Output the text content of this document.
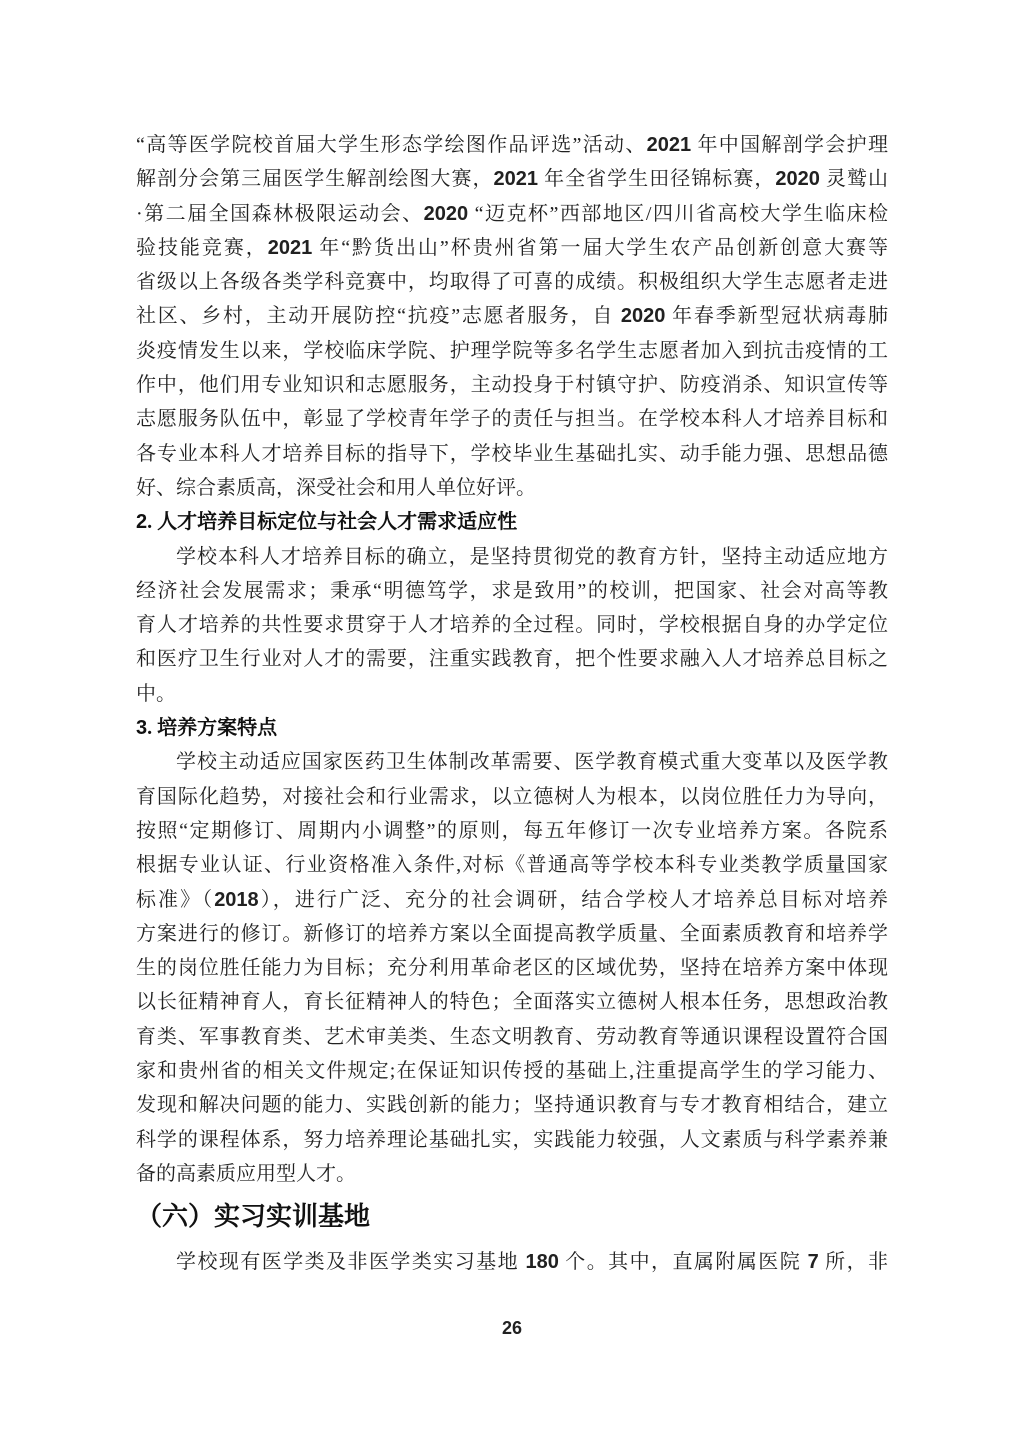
“高等医学院校首届大学生形态学绘图作品评选”活动、2021 年中国解剖学会护理
解剖分会第三届医学生解剖绘图大赛，2021 年全省学生田径锦标赛，2020 灵鹫山
·第二届全国森林极限运动会、2020 “迈克杯”西部地区/四川省高校大学生临床检
验技能竞赛，2021 年“黔货出山”杯贵州省第一届大学生农产品创新创意大赛等
省级以上各级各类学科竞赛中，均取得了可喜的成绩。积极组织大学生志愿者走进
社区、乡村，主动开展防控“抗疫”志愿者服务，自 2020 年春季新型冠状病毒肺
炎疫情发生以来，学校临床学院、护理学院等多名学生志愿者加入到抗击疫情的工
作中，他们用专业知识和志愿服务，主动投身于村镇守护、防疫消杀、知识宣传等
志愿服务队伍中，彰显了学校青年学子的责任与担当。在学校本科人才培养目标和
各专业本科人才培养目标的指导下，学校毕业生基础扎实、动手能力强、思想品德
好、综合素质高，深受社会和用人单位好评。
2. 人才培养目标定位与社会人才需求适应性
学校本科人才培养目标的确立，是坚持贯彻党的教育方针，坚持主动适应地方
经济社会发展需求；秉承“明德笃学，求是致用”的校训，把国家、社会对高等教
育人才培养的共性要求贯穿于人才培养的全过程。同时，学校根据自身的办学定位
和医疗卫生行业对人才的需要，注重实践教育，把个性要求融入人才培养总目标之
中。
3. 培养方案特点
学校主动适应国家医药卫生体制改革需要、医学教育模式重大变革以及医学教
育国际化趋势，对接社会和行业需求，以立德树人为根本，以岗位胜任力为导向，
按照“定期修订、周期内小调整”的原则，每五年修订一次专业培养方案。各院系
根据专业认证、行业资格准入条件,对标《普通高等学校本科专业类教学质量国家
标准》（2018），进行广泛、充分的社会调研，结合学校人才培养总目标对培养
方案进行的修订。新修订的培养方案以全面提高教学质量、全面素质教育和培养学
生的岗位胜任能力为目标；充分利用革命老区的区域优势，坚持在培养方案中体现
以长征精神育人，育长征精神人的特色；全面落实立德树人根本任务，思想政治教
育类、军事教育类、艺术审美类、生态文明教育、劳动教育等通识课程设置符合国
家和贵州省的相关文件规定;在保证知识传授的基础上,注重提高学生的学习能力、
发现和解决问题的能力、实践创新的能力；坚持通识教育与专才教育相结合，建立
科学的课程体系，努力培养理论基础扎实，实践能力较强，人文素质与科学素养兼
备的高素质应用型人才。
（六）实习实训基地
学校现有医学类及非医学类实习基地 180 个。其中，直属附属医院 7 所，非
26
